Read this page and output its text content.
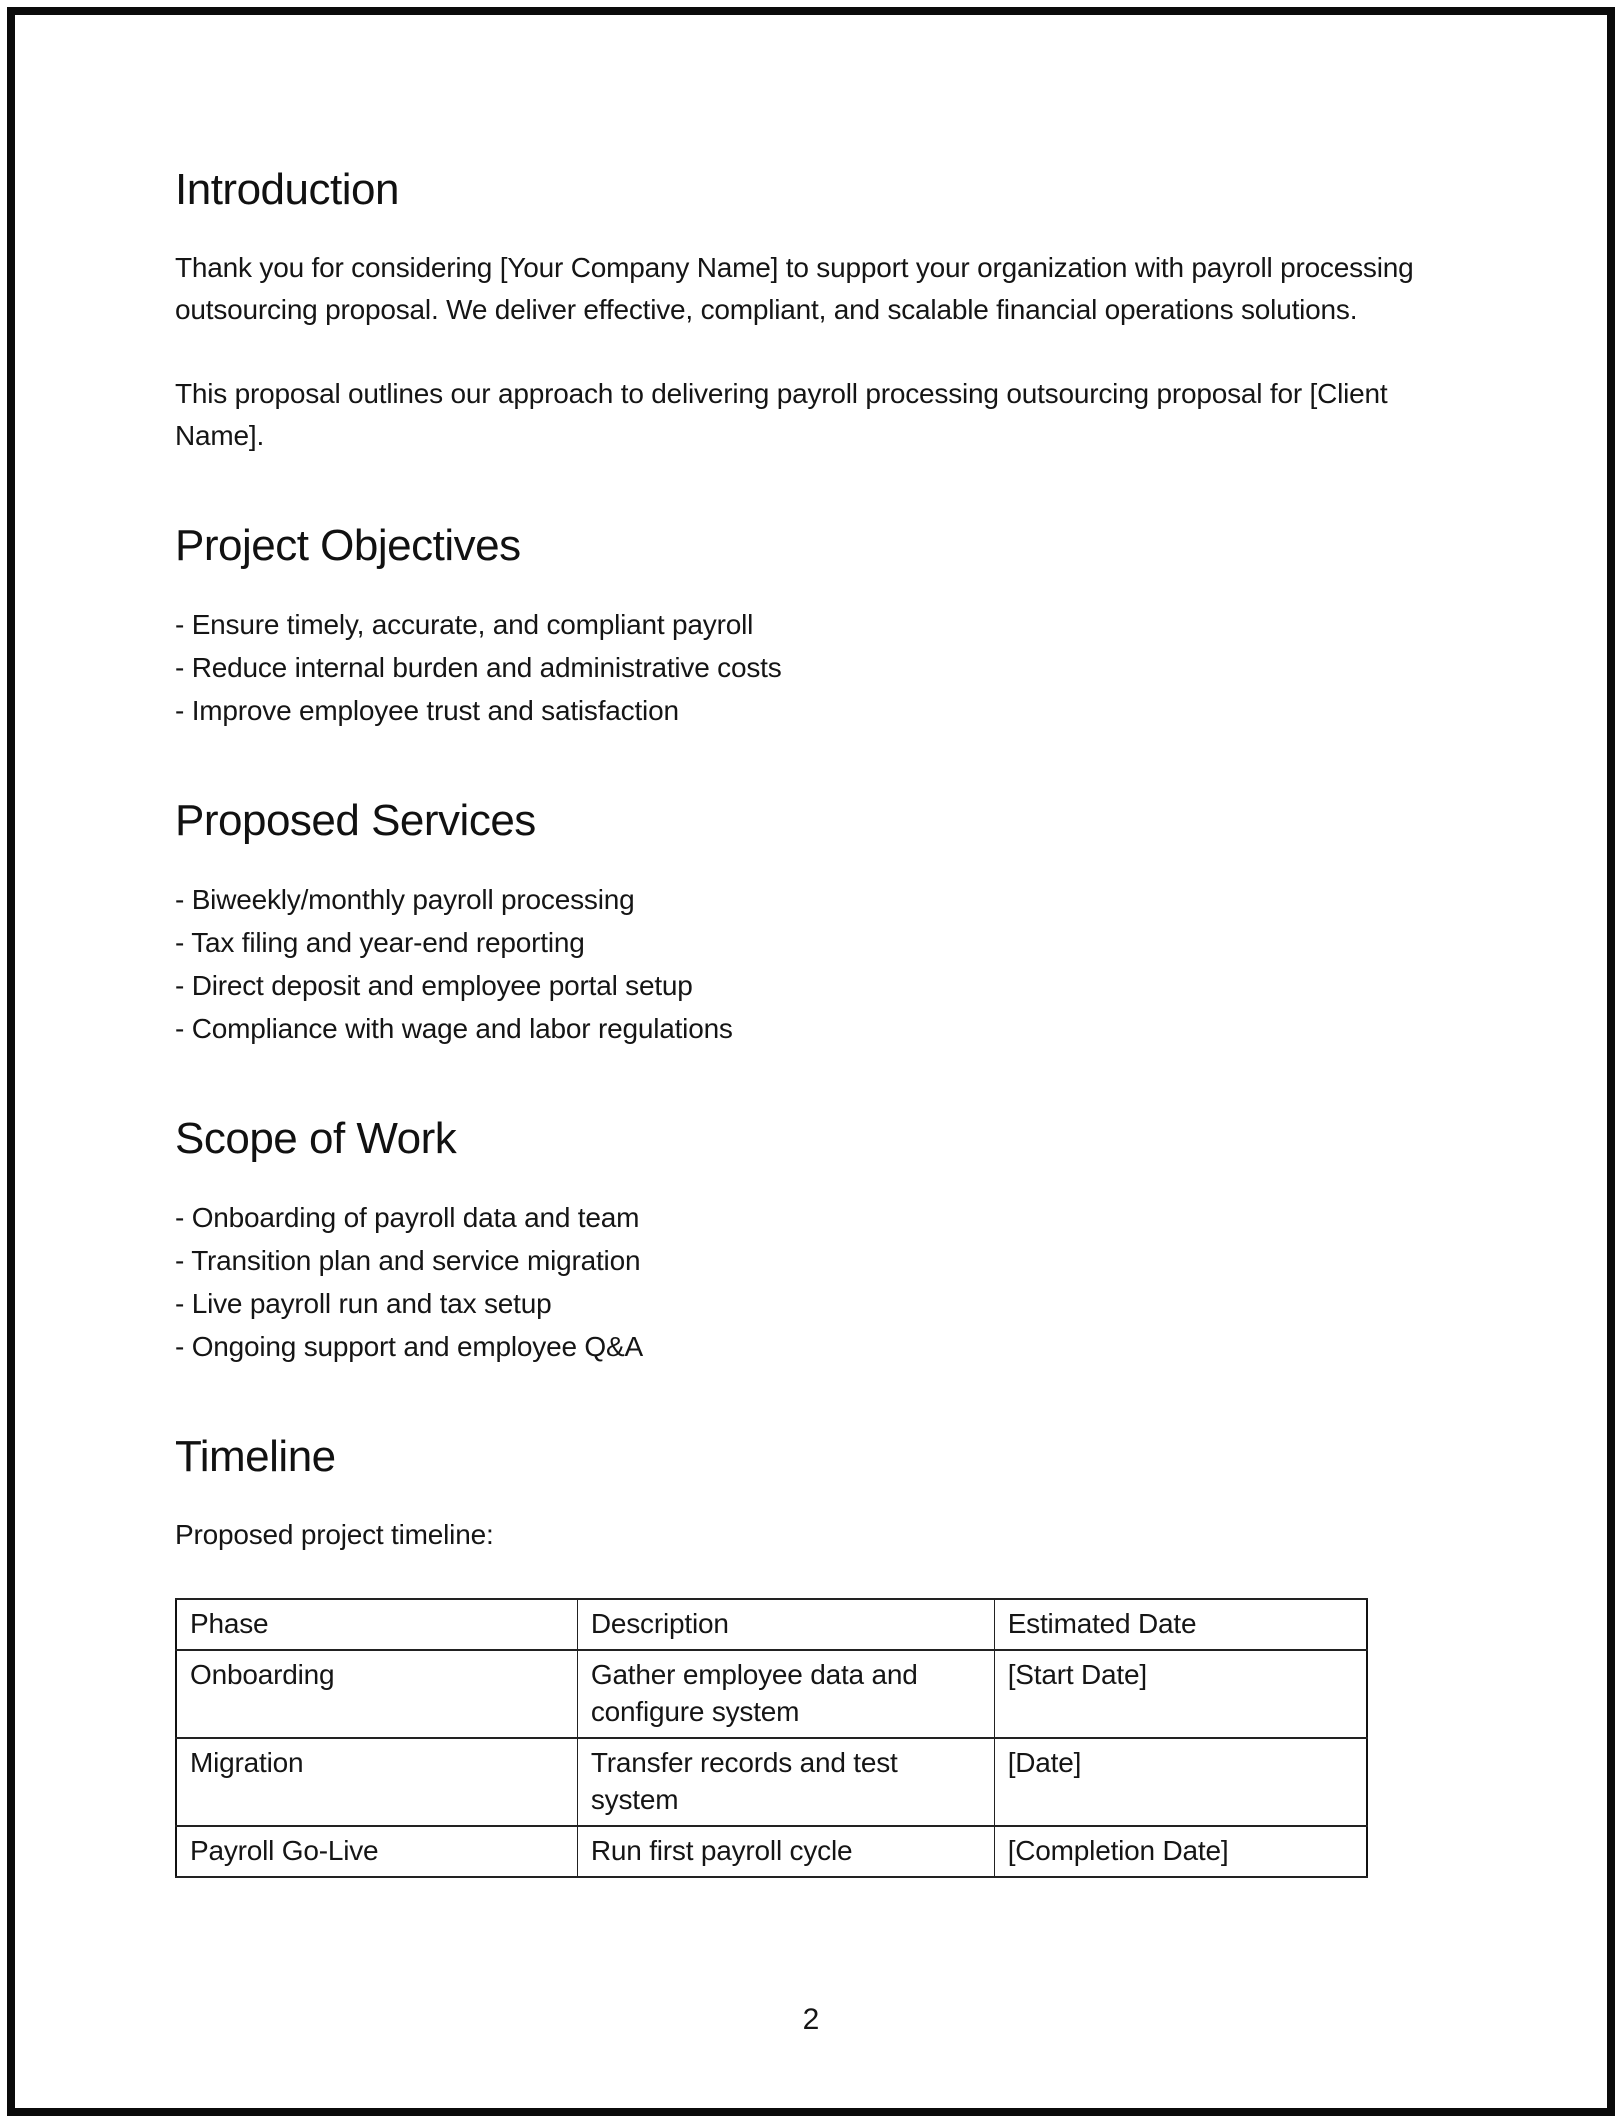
Introduction

Thank you for considering [Your Company Name] to support your organization with payroll processing outsourcing proposal. We deliver effective, compliant, and scalable financial operations solutions.

This proposal outlines our approach to delivering payroll processing outsourcing proposal for [Client Name].

Project Objectives
- Ensure timely, accurate, and compliant payroll
- Reduce internal burden and administrative costs
- Improve employee trust and satisfaction
Proposed Services
- Biweekly/monthly payroll processing
- Tax filing and year-end reporting
- Direct deposit and employee portal setup
- Compliance with wage and labor regulations
Scope of Work
- Onboarding of payroll data and team
- Transition plan and service migration
- Live payroll run and tax setup
- Ongoing support and employee Q&A
Timeline

Proposed project timeline:

Phase	Description	Estimated Date
Onboarding	Gather employee data and configure system	[Start Date]
Migration	Transfer records and test system	[Date]
Payroll Go-Live	Run first payroll cycle	[Completion Date]
2
